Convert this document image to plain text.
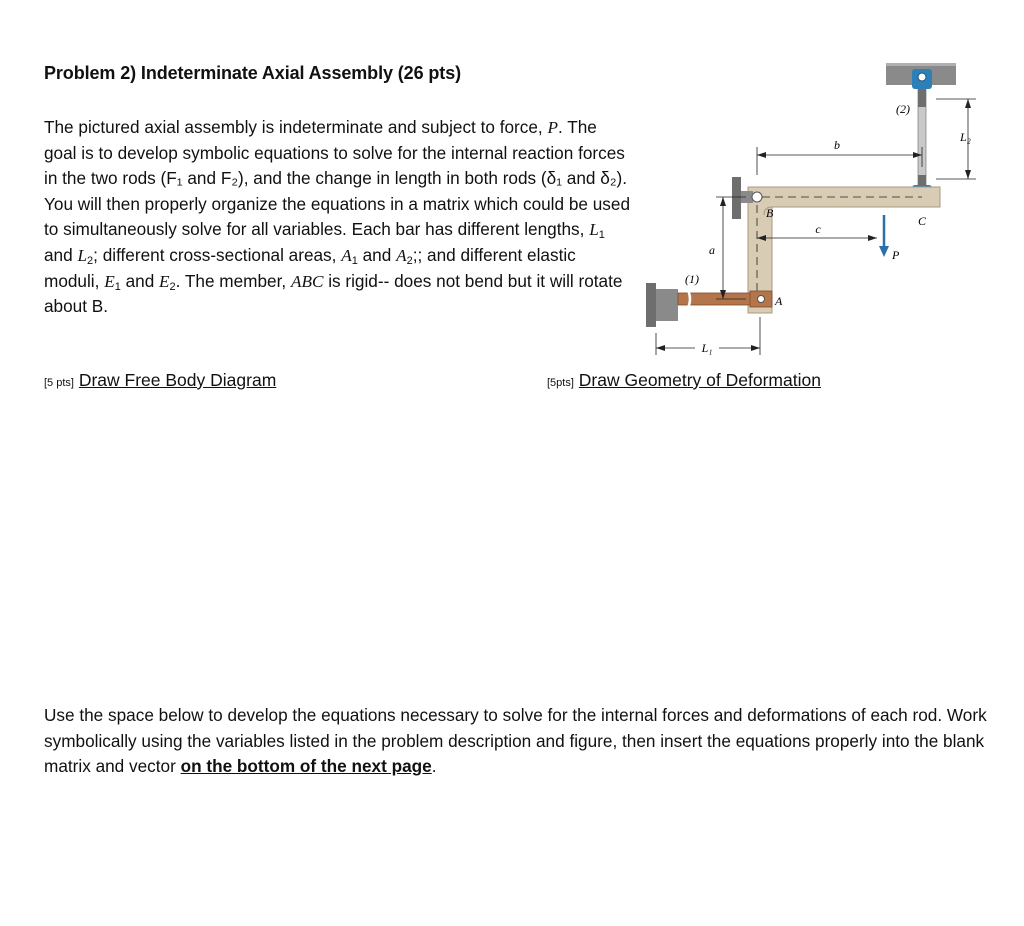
Problem 2) Indeterminate Axial Assembly (26 pts)
The pictured axial assembly is indeterminate and subject to force, P. The goal is to develop symbolic equations to solve for the internal reaction forces in the two rods (F₁ and F₂), and the change in length in both rods (δ₁ and δ₂). You will then properly organize the equations in a matrix which could be used to simultaneously solve for all variables. Each bar has different lengths, $L_1$ and $L_2$; different cross-sectional areas, $A_1$ and $A_2$;; and different elastic moduli, $E_1$ and $E_2$. The member, ABC is rigid-- does not bend but it will rotate about B.
[5 pts] Draw Free Body Diagram	[5pts] Draw Geometry of Deformation
Use the space below to develop the equations necessary to solve for the internal forces and deformations of each rod. Work symbolically using the variables listed in the problem description and figure, then insert the equations properly into the blank matrix and vector on the bottom of the next page.
b
c
a
L₂
L₁
P
(2)
B
C
(1)
A
